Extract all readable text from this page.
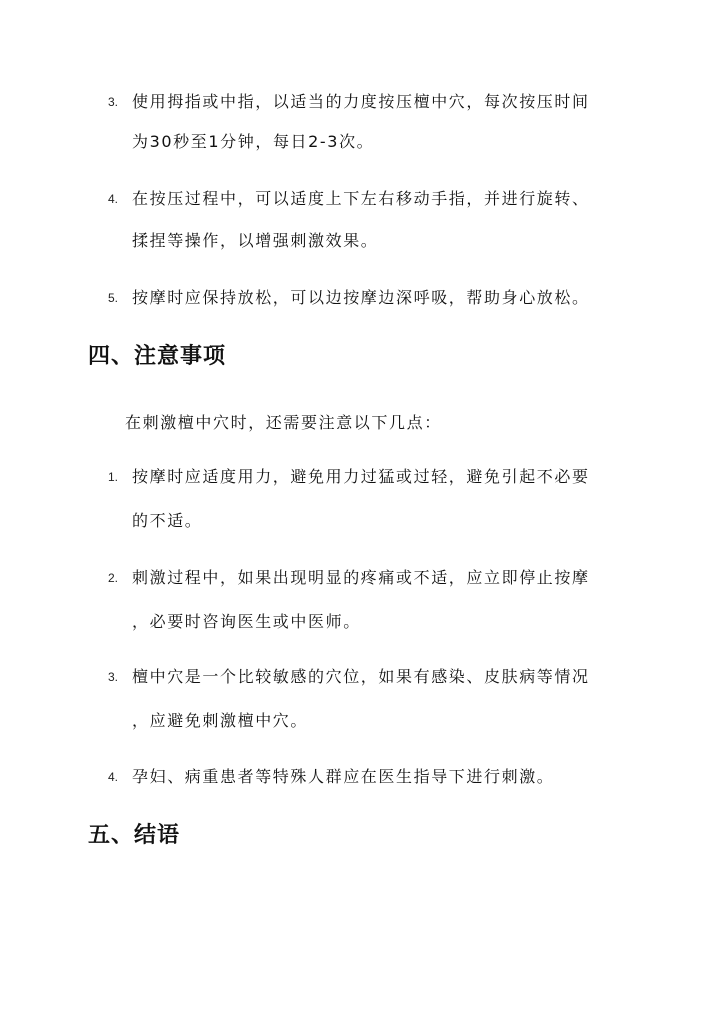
3. 使用拇指或中指，以适当的力度按压檀中穴，每次按压时间
为30秒至1分钟，每日2-3次。
4. 在按压过程中，可以适度上下左右移动手指，并进行旋转、
揉捏等操作，以增强刺激效果。
5. 按摩时应保持放松，可以边按摩边深呼吸，帮助身心放松。
四、注意事项
在刺激檀中穴时，还需要注意以下几点：
1. 按摩时应适度用力，避免用力过猛或过轻，避免引起不必要
的不适。
2. 刺激过程中，如果出现明显的疼痛或不适，应立即停止按摩
，必要时咨询医生或中医师。
3. 檀中穴是一个比较敏感的穴位，如果有感染、皮肤病等情况
，应避免刺激檀中穴。
4. 孕妇、病重患者等特殊人群应在医生指导下进行刺激。
五、结语
